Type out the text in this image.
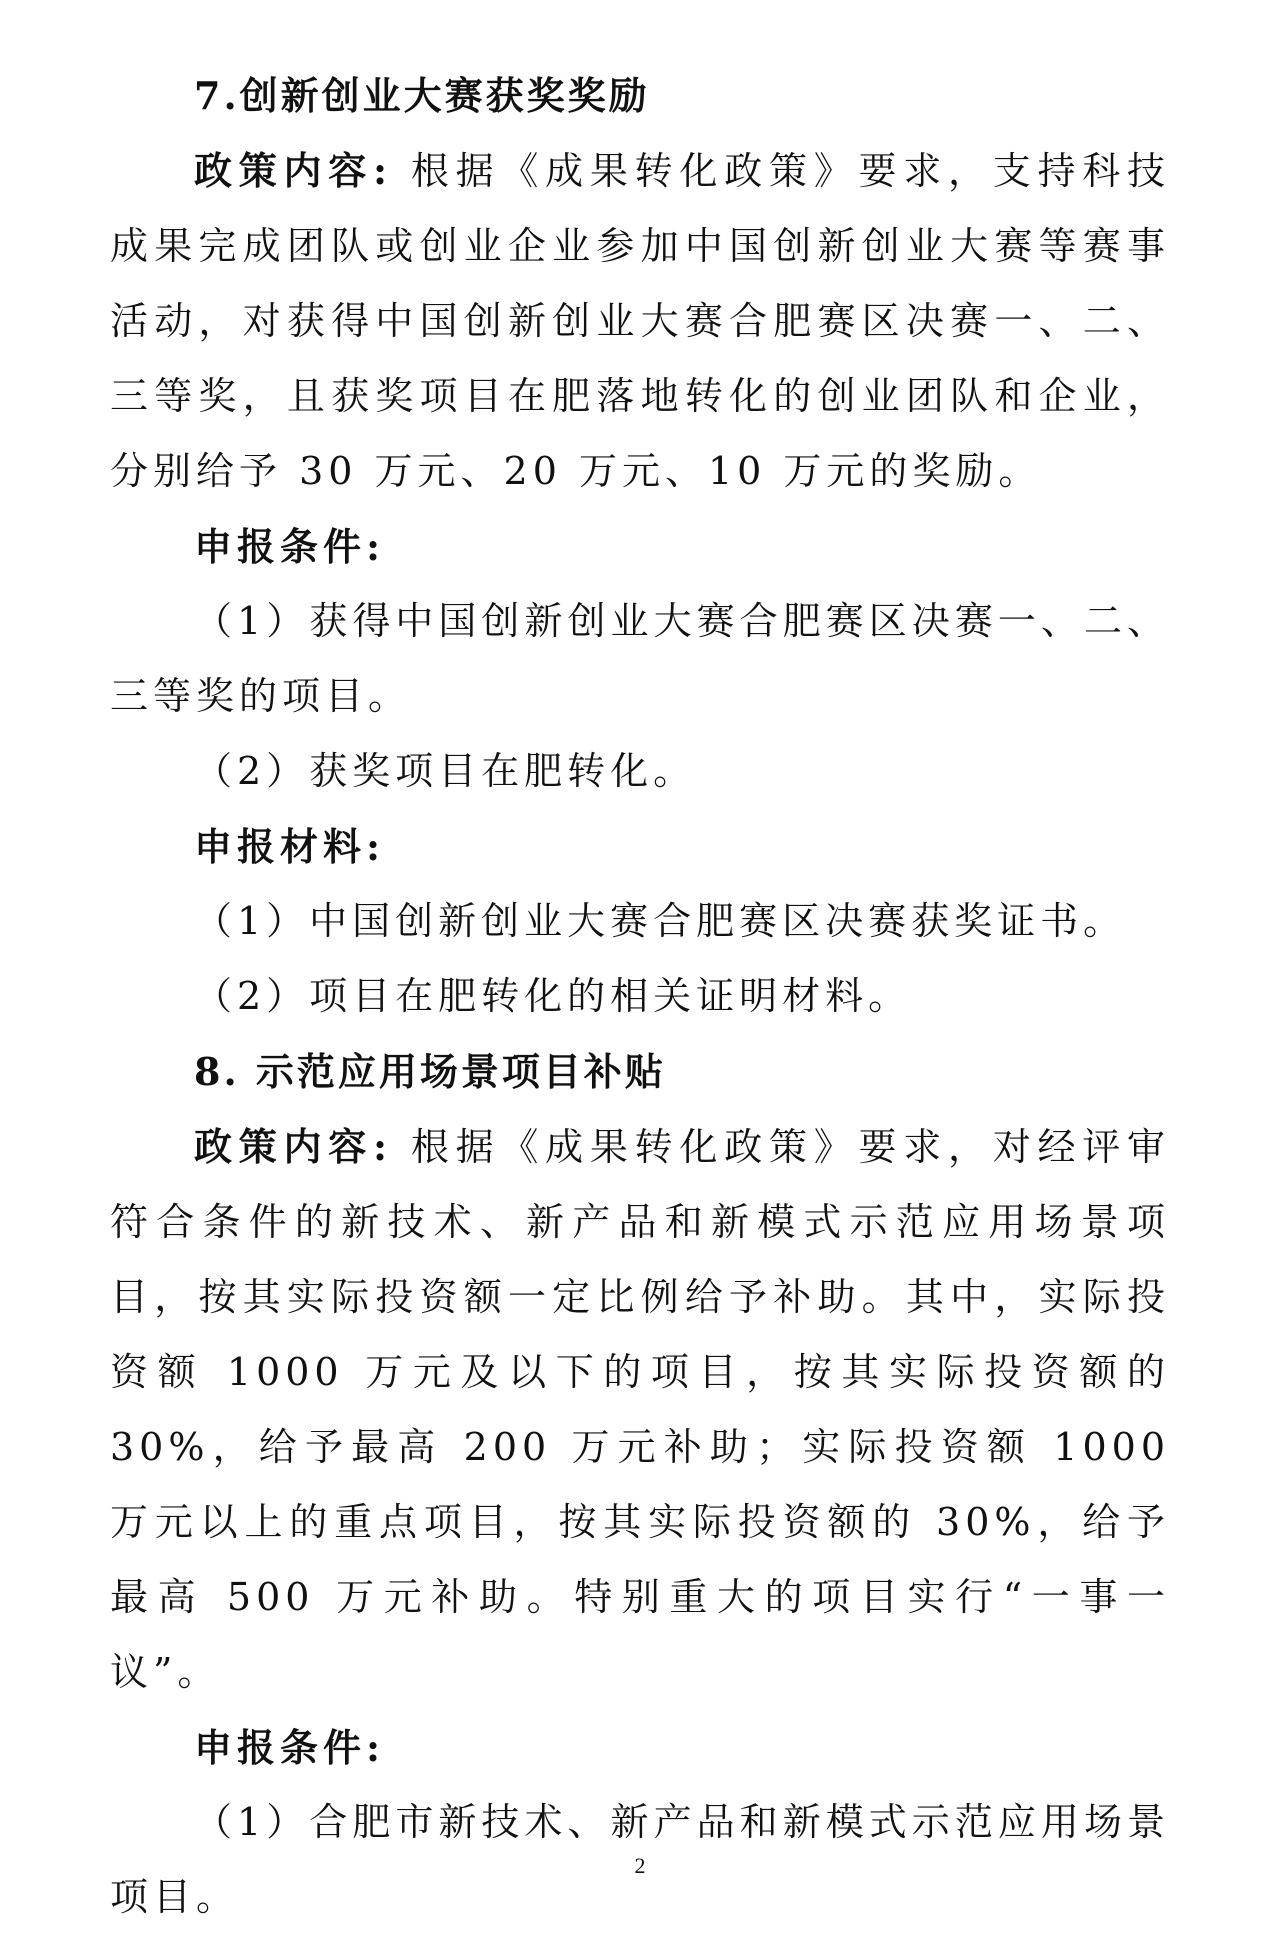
7.创新创业大赛获奖奖励

政策内容: 根据《成果转化政策》要求，支持科技成果完成团队或创业企业参加中国创新创业大赛等赛事活动，对获得中国创新创业大赛合肥赛区决赛一、二、三等奖，且获奖项目在肥落地转化的创业团队和企业，分别给予 30 万元、20 万元、10 万元的奖励。

申报条件:

（1）获得中国创新创业大赛合肥赛区决赛一、二、三等奖的项目。

（2）获奖项目在肥转化。

申报材料:

（1）中国创新创业大赛合肥赛区决赛获奖证书。

（2）项目在肥转化的相关证明材料。

8. 示范应用场景项目补贴

政策内容: 根据《成果转化政策》要求，对经评审符合条件的新技术、新产品和新模式示范应用场景项目，按其实际投资额一定比例给予补助。其中，实际投资额 1000 万元及以下的项目，按其实际投资额的 30%，给予最高 200 万元补助；实际投资额 1000 万元以上的重点项目，按其实际投资额的 30%，给予最高 500 万元补助。特别重大的项目实行“一事一议”。

申报条件:

（1）合肥市新技术、新产品和新模式示范应用场景项目。

2
